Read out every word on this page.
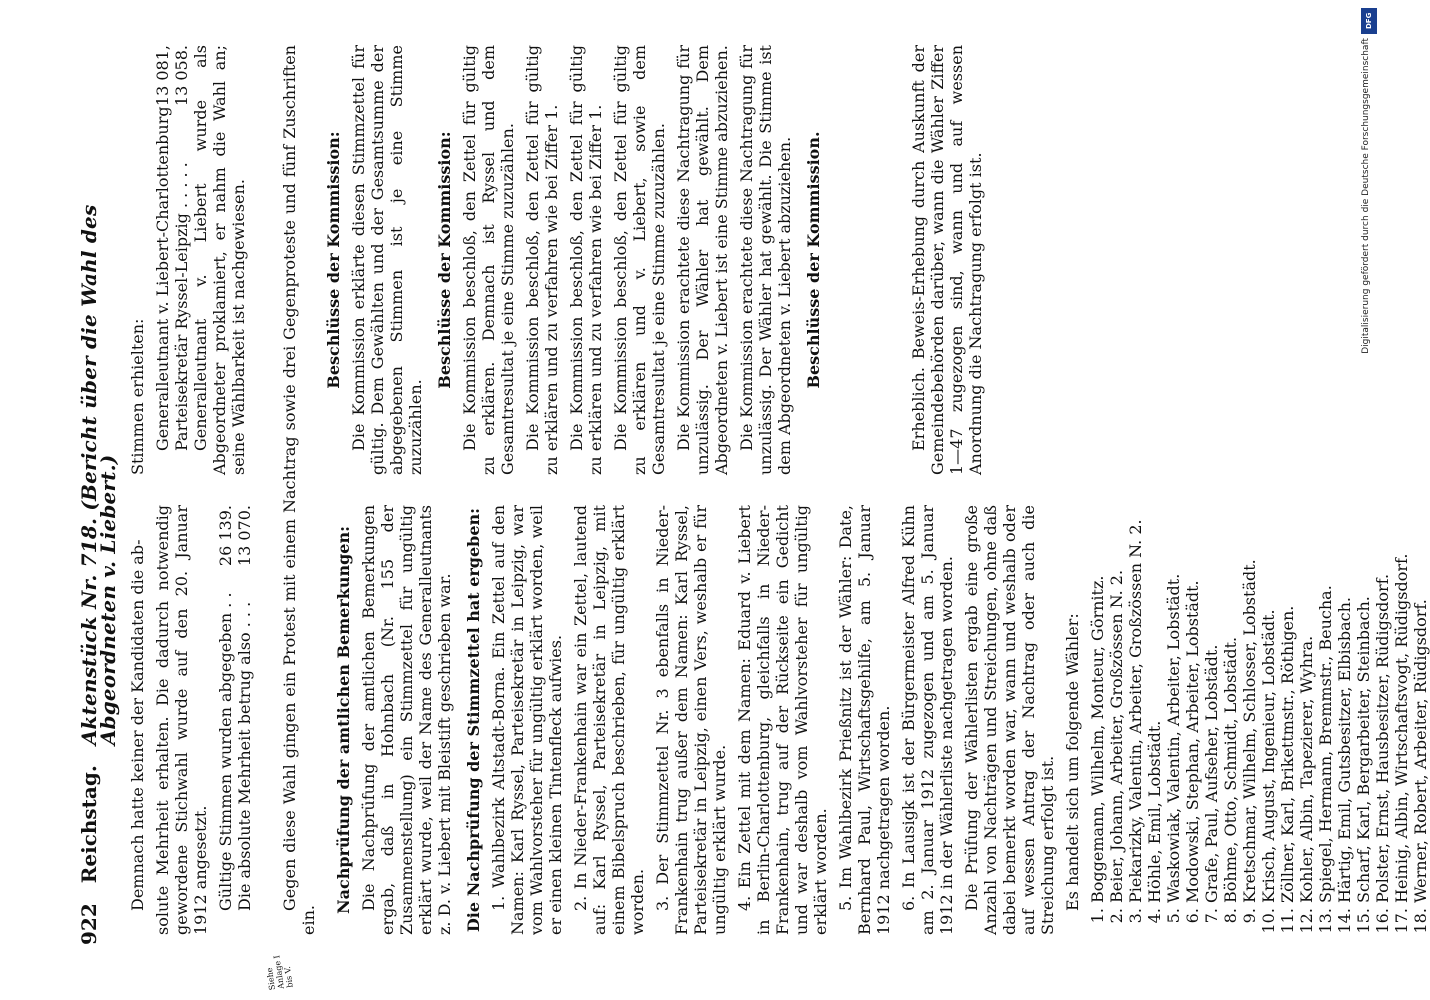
922
Reichstag.
Aktenstück Nr. 718. (Bericht über die Wahl des Abgeordneten v. Liebert.)
Siehe Anlage I bis V.

Demnach hatte keiner der Kandidaten die ab- solute Mehrheit erhalten. Die dadurch notwendig gewordene Stichwahl wurde auf den 20. Januar 1912 angesetzt. Gültige Stimmen wurden abgegeben . .
26 139.
Die absolute Mehrheit betrug also . . .
13 070.	Nachprüfung der amtlichen Bemerkungen: Die Nachprüfung der amtlichen Bemerkungen ergab, daß in Hohnbach (Nr. 155 der Zusammenstellung) ein Stimmzettel für ungültig erklärt wurde, weil der Name des Generalleutnants z. D. v. Liebert mit Bleistift geschrieben war. Die Nachprüfung der Stimmzettel hat ergeben: 1. Wahlbezirk Altstadt-Borna. Ein Zettel auf den Namen: Karl Ryssel, Parteisekretär in Leipzig, war vom Wahlvorsteher für ungültig erklärt worden, weil er einen kleinen Tintenfleck aufwies. 2. In Nieder-Frankenhain war ein Zettel, lautend auf: Karl Ryssel, Parteisekretär in Leipzig, mit einem Bibelspruch beschrieben, für ungültig erklärt worden. 3. Der Stimmzettel Nr. 3 ebenfalls in Nieder-Frankenhain trug außer dem Namen: Karl Ryssel, Parteisekretär in Leipzig, einen Vers, weshalb er für ungültig erklärt wurde. 4. Ein Zettel mit dem Namen: Eduard v. Liebert in Berlin-Charlottenburg, gleichfalls in Nieder-Frankenhain, trug auf der Rückseite ein Gedicht und war deshalb vom Wahlvorsteher für ungültig erklärt worden. 5. Im Wahlbezirk Prießnitz ist der Wähler: Date, Bernhard Paul, Wirtschaftsgehilfe, am 5. Januar 1912 nachgetragen worden. 6. In Lausigk ist der Bürgermeister Alfred Kühn am 2. Januar 1912 zugezogen und am 5. Januar 1912 in der Wählerliste nachgetragen worden. Die Prüfung der Wählerlisten ergab eine große Anzahl von Nachträgen und Streichungen, ohne daß dabei bemerkt worden war, wann und weshalb oder auf wessen Antrag der Nachtrag oder auch die Streichung erfolgt ist. Es handelt sich um folgende Wähler: 1. Boggemann, Wilhelm, Monteur, Görnitz. 2. Beier, Johann, Arbeiter, Großzössen N. 2. 3. Piekarizky, Valentin, Arbeiter, Großzössen N. 2. 4. Höhle, Emil, Lobstädt. 5. Waskowiak, Valentin, Arbeiter, Lobstädt. 6. Modowski, Stephan, Arbeiter, Lobstädt. 7. Grafe, Paul, Aufseher, Lobstädt. 8. Böhme, Otto, Schmidt, Lobstädt. 9. Kretschmar, Wilhelm, Schlosser, Lobstädt. 10. Krisch, August, Ingenieur, Lobstädt. 11. Zöllner, Karl, Brikettmstr., Röthigen. 12. Kohler, Albin, Tapezierer, Wyhra. 13. Spiegel, Hermann, Bremmstr., Beucha. 14. Härtig, Emil, Gutsbesitzer, Elbisbach. 15. Scharf, Karl, Bergarbeiter, Steinbach. 16. Polster, Ernst, Hausbesitzer, Rüdigsdorf. 17. Heinig, Albin, Wirtschaftsvogt, Rüdigsdorf. 18. Werner, Robert, Arbeiter, Rüdigsdorf.

Gegen diese Wahl gingen ein Protest mit einem Nachtrag sowie drei Gegenproteste und fünf Zuschriften ein.

Stimmen erhielten: Generalleutnant v. Liebert-Charlottenburg
13 081,
Parteisekretär Ryssel-Leipzig . . . . .
13 058. Generalleutnant v. Liebert wurde als Abgeordneter proklamiert, er nahm die Wahl an; seine Wählbarkeit ist nachgewiesen.	Beschlüsse der Kommission: Die Kommission erklärte diesen Stimmzettel für gültig. Dem Gewählten und der Gesamtsumme der abgegebenen Stimmen ist je eine Stimme zuzuzählen.

Beschlüsse der Kommission: Die Kommission beschloß, den Zettel für gültig zu erklären. Demnach ist Ryssel und dem Gesamtresultat je eine Stimme zuzuzählen. Die Kommission beschloß, den Zettel für gültig zu erklären und zu verfahren wie bei Ziffer 1. Die Kommission beschloß, den Zettel für gültig zu erklären und zu verfahren wie bei Ziffer 1. Die Kommission beschloß, den Zettel für gültig zu erklären und v. Liebert, sowie dem Gesamtresultat je eine Stimme zuzuzählen. Die Kommission erachtete diese Nachtragung für unzulässig. Der Wähler hat gewählt. Dem Abgeordneten v. Liebert ist eine Stimme abzuziehen. Die Kommission erachtete diese Nachtragung für unzulässig. Der Wähler hat gewählt. Die Stimme ist dem Abgeordneten v. Liebert abzuziehen. Beschlüsse der Kommission.	Erheblich. Beweis-Erhebung durch Auskunft der Gemeindebehörden darüber, wann die Wähler Ziffer 1—47 zugezogen sind, wann und auf wessen Anordnung die Nachtragung erfolgt ist.

DFG
Digitalisierung gefördert durch die Deutsche Forschungsgemeinschaft
